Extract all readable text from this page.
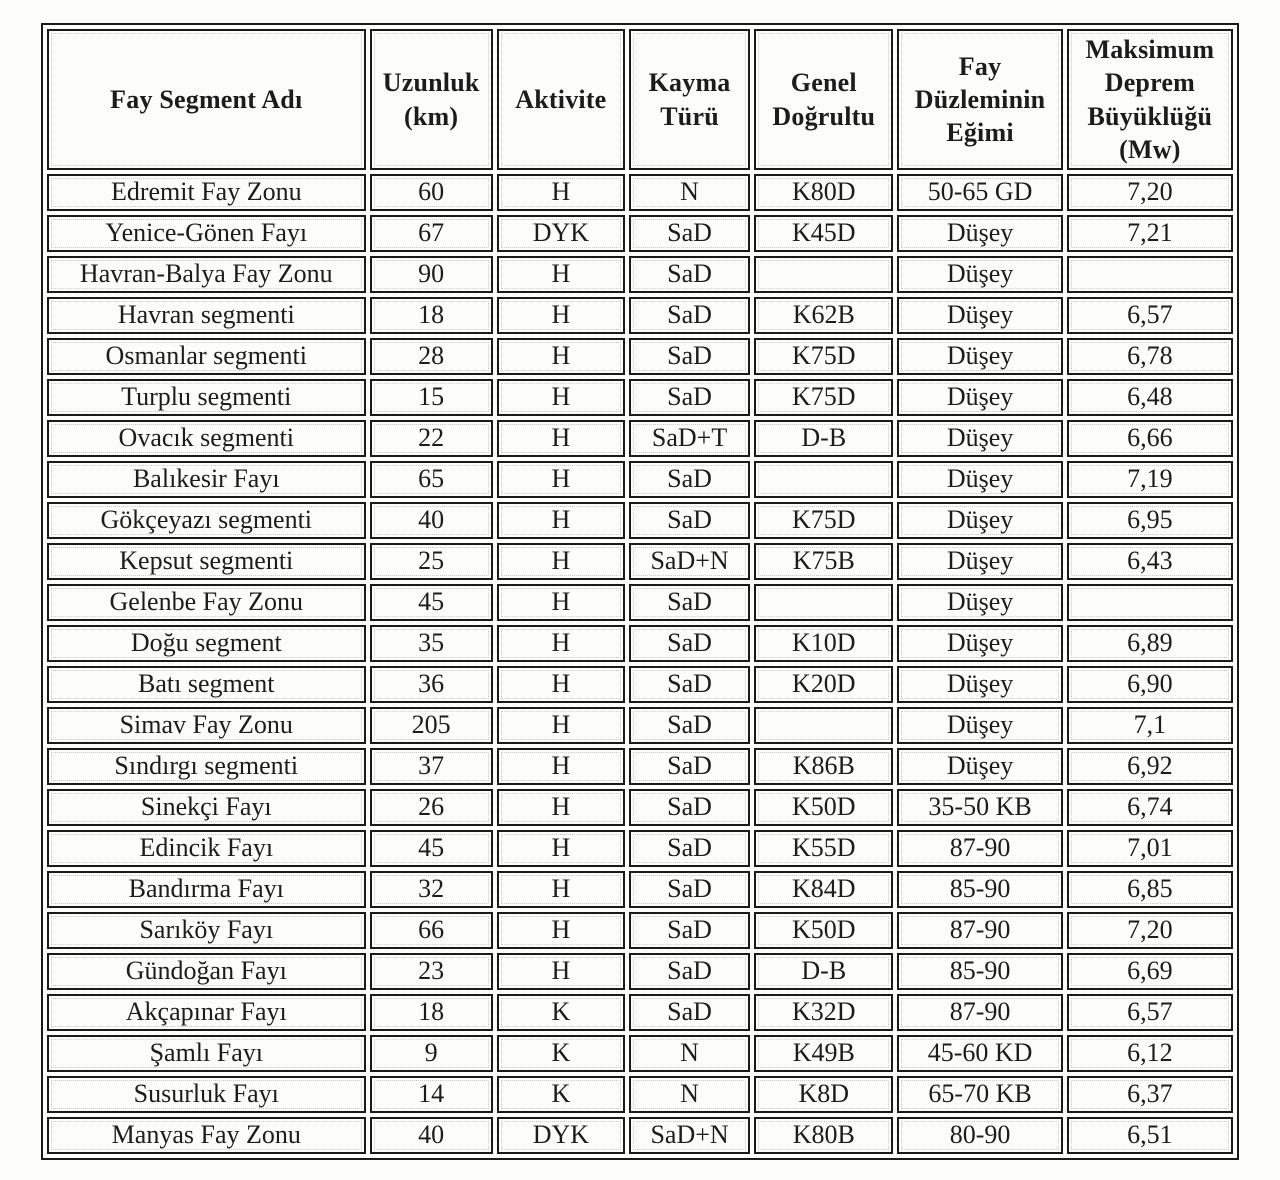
Fay Segment Adı	Uzunluk (km)	Aktivite	Kayma Türü	Genel Doğrultu	Fay Düzleminin Eğimi	Maksimum Deprem Büyüklüğü (Mw)
Edremit Fay Zonu	60	H	N	K80D	50-65 GD	7,20
Yenice-Gönen Fayı	67	DYK	SaD	K45D	Düşey	7,21
Havran-Balya Fay Zonu	90	H	SaD		Düşey	
Havran segmenti	18	H	SaD	K62B	Düşey	6,57
Osmanlar segmenti	28	H	SaD	K75D	Düşey	6,78
Turplu segmenti	15	H	SaD	K75D	Düşey	6,48
Ovacık segmenti	22	H	SaD+T	D-B	Düşey	6,66
Balıkesir Fayı	65	H	SaD		Düşey	7,19
Gökçeyazı segmenti	40	H	SaD	K75D	Düşey	6,95
Kepsut segmenti	25	H	SaD+N	K75B	Düşey	6,43
Gelenbe Fay Zonu	45	H	SaD		Düşey	
Doğu segment	35	H	SaD	K10D	Düşey	6,89
Batı segment	36	H	SaD	K20D	Düşey	6,90
Simav Fay Zonu	205	H	SaD		Düşey	7,1
Sındırgı segmenti	37	H	SaD	K86B	Düşey	6,92
Sinekçi Fayı	26	H	SaD	K50D	35-50 KB	6,74
Edincik Fayı	45	H	SaD	K55D	87-90	7,01
Bandırma Fayı	32	H	SaD	K84D	85-90	6,85
Sarıköy Fayı	66	H	SaD	K50D	87-90	7,20
Gündoğan Fayı	23	H	SaD	D-B	85-90	6,69
Akçapınar Fayı	18	K	SaD	K32D	87-90	6,57
Şamlı Fayı	9	K	N	K49B	45-60 KD	6,12
Susurluk Fayı	14	K	N	K8D	65-70 KB	6,37
Manyas Fay Zonu	40	DYK	SaD+N	K80B	80-90	6,51
